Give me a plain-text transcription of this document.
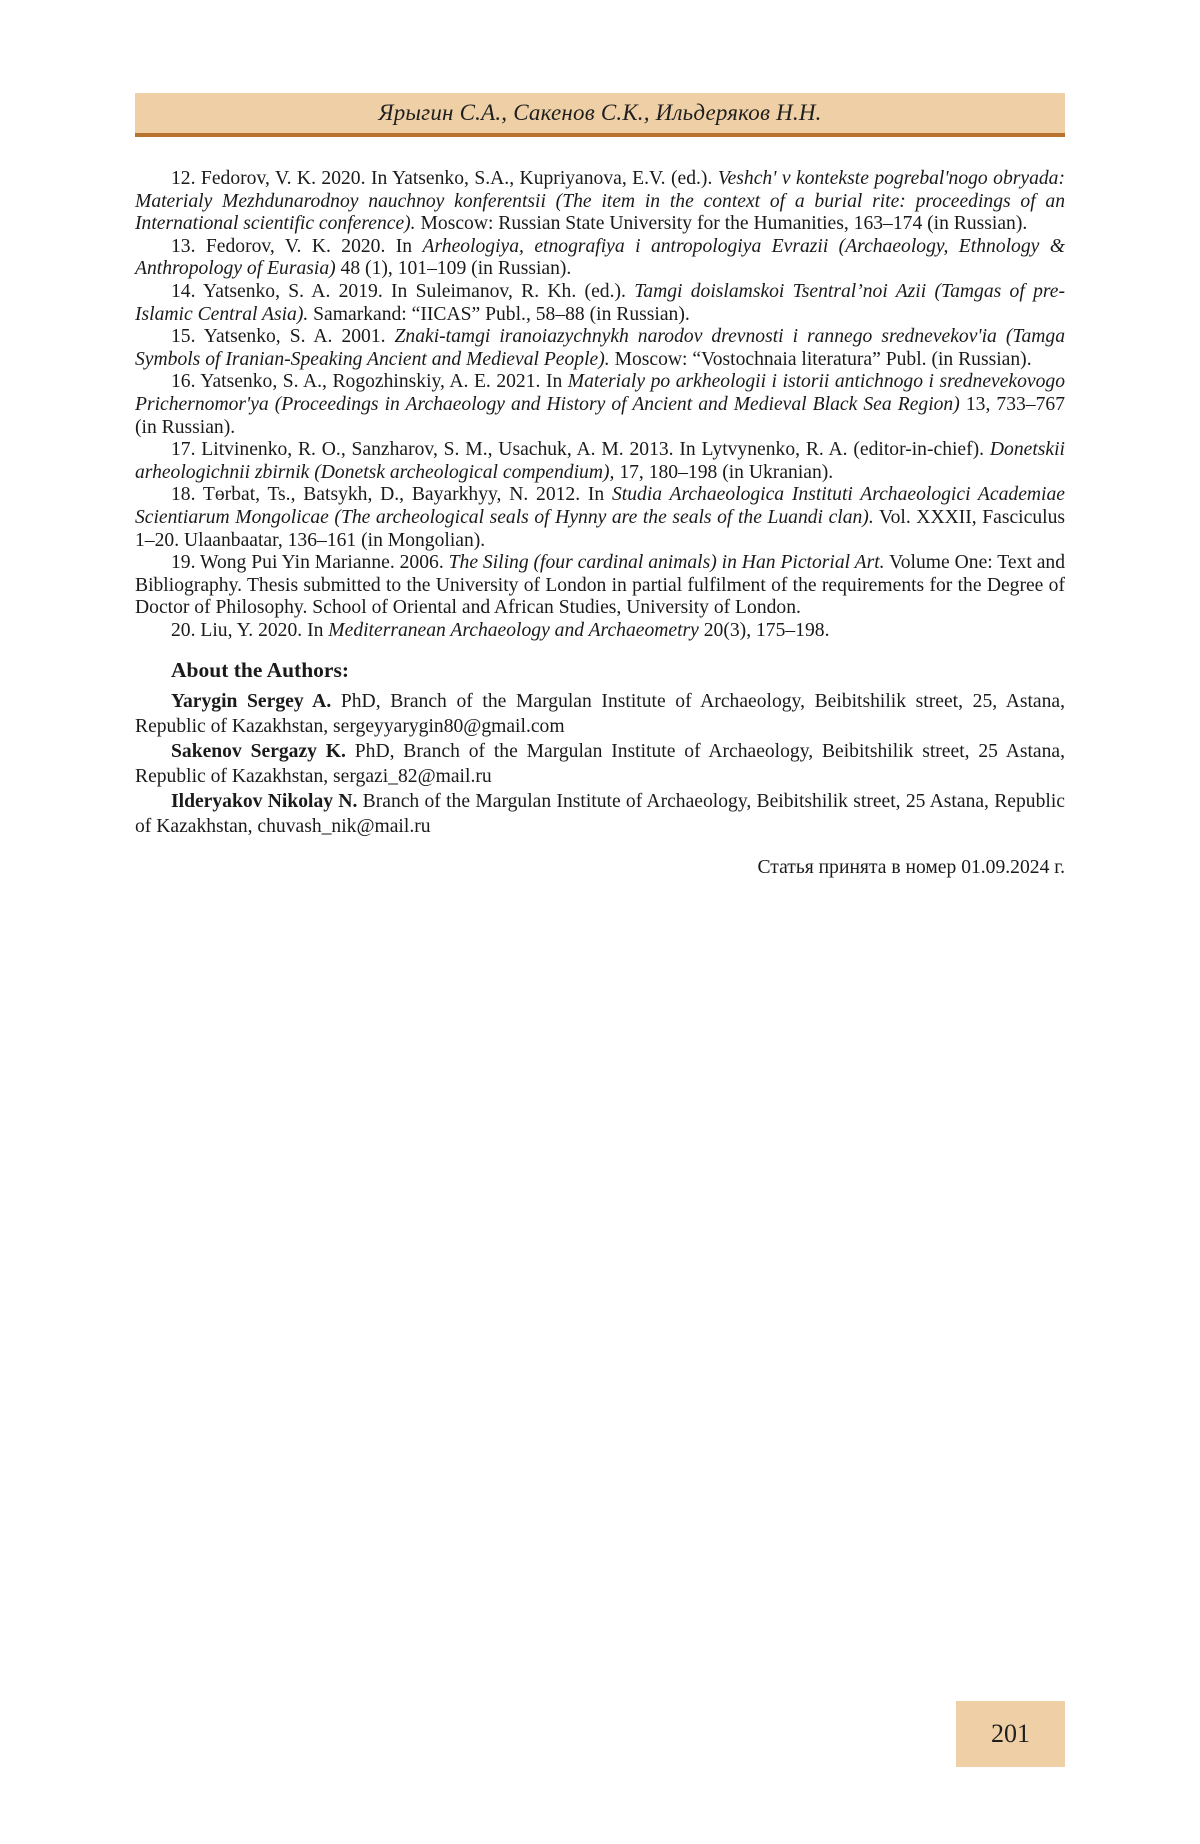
Ярыгин С.А., Сакенов С.К., Ильдеряков Н.Н.

12. Fedorov, V. K. 2020. In Yatsenko, S.A., Kupriyanova, E.V. (ed.). Veshch' v kontekste pogrebal'nogo obryada: Materialy Mezhdunarodnoy nauchnoy konferentsii (The item in the context of a burial rite: proceedings of an International scientific conference). Moscow: Russian State University for the Humanities, 163–174 (in Russian).

13. Fedorov, V. K. 2020. In Arheologiya, etnografiya i antropologiya Evrazii (Archaeology, Ethnology & Anthropology of Eurasia) 48 (1), 101–109 (in Russian).

14. Yatsenko, S. A. 2019. In Suleimanov, R. Kh. (ed.). Tamgi doislamskoi Tsentral’noi Azii (Tamgas of pre-Islamic Central Asia). Samarkand: “IICAS” Publ., 58–88 (in Russian).

15. Yatsenko, S. A. 2001. Znaki-tamgi iranoiazychnykh narodov drevnosti i rannego srednevekov'ia (Tamga Symbols of Iranian-Speaking Ancient and Medieval People). Moscow: “Vostochnaia literatura” Publ. (in Russian).

16. Yatsenko, S. A., Rogozhinskiy, A. E. 2021. In Materialy po arkheologii i istorii antichnogo i srednevekovogo Prichernomor'ya (Proceedings in Archaeology and History of Ancient and Medieval Black Sea Region) 13, 733–767 (in Russian).

17. Litvinenko, R. O., Sanzharov, S. M., Usachuk, A. M. 2013. In Lytvynenko, R. A. (editor-in-chief). Donetskii arheologichnii zbirnik (Donetsk archeological compendium), 17, 180–198 (in Ukranian).

18. Tөrbat, Ts., Batsykh, D., Bayarkhyy, N. 2012. In Studia Archaeologica Instituti Archaeologici Academiae Scientiarum Mongolicae (The archeological seals of Hynny are the seals of the Luandi clan). Vol. XXXII, Fasciculus 1–20. Ulaanbaatar, 136–161 (in Mongolian).

19. Wong Pui Yin Marianne. 2006. The Siling (four cardinal animals) in Han Pictorial Art. Volume One: Text and Bibliography. Thesis submitted to the University of London in partial fulfilment of the requirements for the Degree of Doctor of Philosophy. School of Oriental and African Studies, University of London.

20. Liu, Y. 2020. In Mediterranean Archaeology and Archaeometry 20(3), 175–198.

About the Authors:

Yarygin Sergey A. PhD, Branch of the Margulan Institute of Archaeology, Beibitshilik street, 25, Astana, Republic of Kazakhstan, sergeyyarygin80@gmail.com

Sakenov Sergazy K. PhD, Branch of the Margulan Institute of Archaeology, Beibitshilik street, 25 Astana, Republic of Kazakhstan, sergazi_82@mail.ru

Ilderyakov Nikolay N. Branch of the Margulan Institute of Archaeology, Beibitshilik street, 25 Astana, Republic of Kazakhstan, chuvash_nik@mail.ru

Статья принята в номер 01.09.2024 г.
201
